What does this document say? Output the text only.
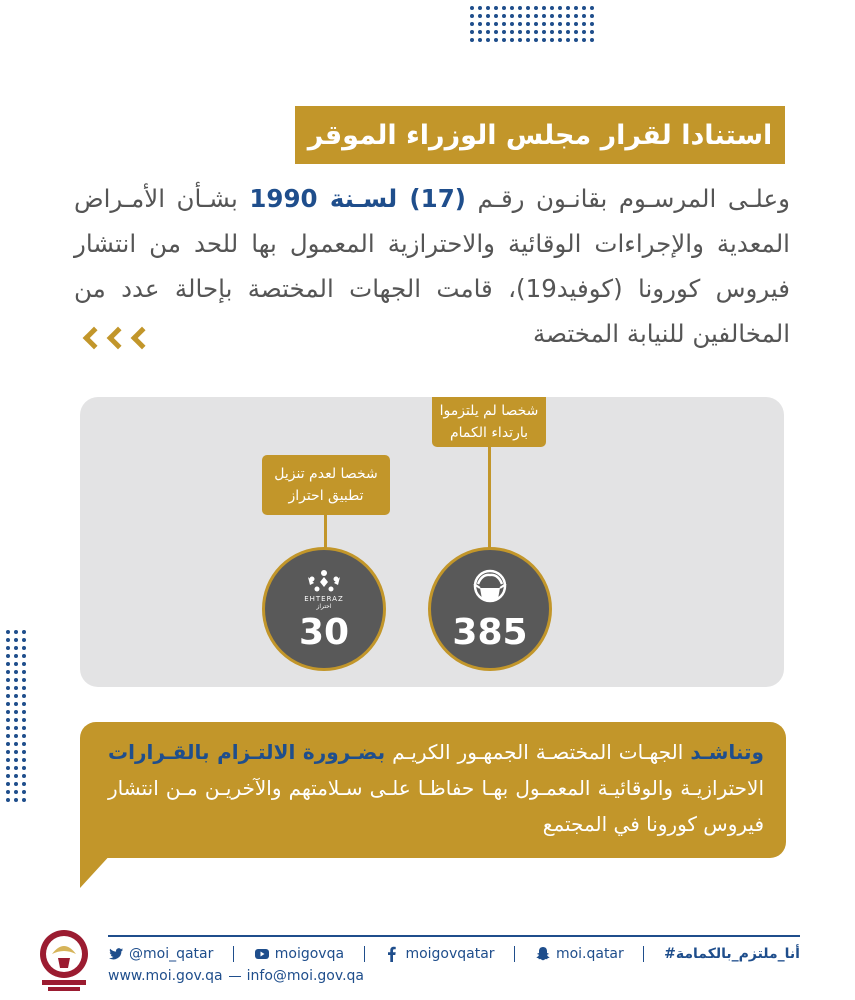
استنادا لقرار مجلس الوزراء الموقر
وعلـى المرسـوم بقانـون رقـم (17) لسـنة 1990 بشـأن الأمـراض المعدية والإجراءات الوقائية والاحترازية المعمول بها للحد من انتشار فيروس كورونا (كوفيد19)، قامت الجهات المختصة بإحالة عدد من المخالفين للنيابة المختصة
شخصا لم يلتزموا بارتداء الكمام
385
شخصا لعدم تنزيل تطبيق احتراز
EHTERAZ
احتراز
30
وتناشـد الجهـات المختصـة الجمهـور الكريـم بضـرورة الالتـزام بالقـرارات الاحترازيـة والوقائيـة المعمـول بهـا حفاظـا علـى سـلامتهم والآخريـن مـن انتشار فيروس كورونا في المجتمع
@moi_qatar	moigovqa	moigovqatar	moi.qatar	#أنا_ملتزم_بالكمامة
www.moi.gov.qa info@moi.gov.qa
